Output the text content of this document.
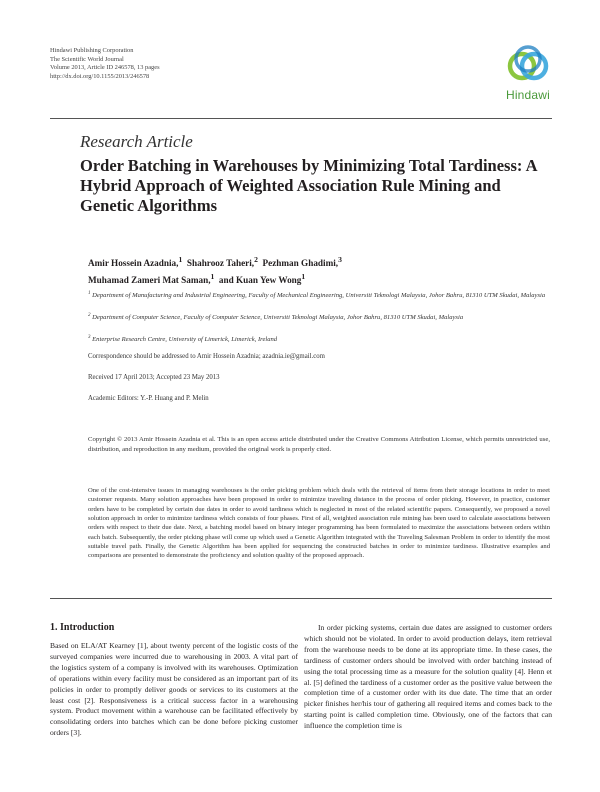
Hindawi Publishing Corporation
The Scientific World Journal
Volume 2013, Article ID 246578, 13 pages
http://dx.doi.org/10.1155/2013/246578
Hindawi
Research Article
Order Batching in Warehouses by Minimizing Total Tardiness: A Hybrid Approach of Weighted Association Rule Mining and Genetic Algorithms
Amir Hossein Azadnia,$^1$ Shahrooz Taheri,$^2$ Pezhman Ghadimi,$^3$
Muhamad Zameri Mat Saman,$^1$ and Kuan Yew Wong$^1$
$^1$ Department of Manufacturing and Industrial Engineering, Faculty of Mechanical Engineering, Universiti Teknologi Malaysia, Johor Bahru, 81310 UTM Skudai, Malaysia
$^2$ Department of Computer Science, Faculty of Computer Science, Universiti Teknologi Malaysia, Johor Bahru, 81310 UTM Skudai, Malaysia
$^3$ Enterprise Research Centre, University of Limerick, Limerick, Ireland
Correspondence should be addressed to Amir Hossein Azadnia; azadnia.ie@gmail.com
Received 17 April 2013; Accepted 23 May 2013
Academic Editors: Y.-P. Huang and P. Melin
Copyright © 2013 Amir Hossein Azadnia et al. This is an open access article distributed under the Creative Commons Attribution License, which permits unrestricted use, distribution, and reproduction in any medium, provided the original work is properly cited.
One of the cost-intensive issues in managing warehouses is the order picking problem which deals with the retrieval of items from their storage locations in order to meet customer requests. Many solution approaches have been proposed in order to minimize traveling distance in the process of order picking. However, in practice, customer orders have to be completed by certain due dates in order to avoid tardiness which is neglected in most of the related scientific papers. Consequently, we proposed a novel solution approach in order to minimize tardiness which consists of four phases. First of all, weighted association rule mining has been used to calculate associations between orders with respect to their due date. Next, a batching model based on binary integer programming has been formulated to maximize the associations between orders within each batch. Subsequently, the order picking phase will come up which used a Genetic Algorithm integrated with the Traveling Salesman Problem in order to identify the most suitable travel path. Finally, the Genetic Algorithm has been applied for sequencing the constructed batches in order to minimize tardiness. Illustrative examples and comparisons are presented to demonstrate the proficiency and solution quality of the proposed approach.
1. Introduction
Based on ELA/AT Kearney [1], about twenty percent of the logistic costs of the surveyed companies were incurred due to warehousing in 2003. A vital part of the logistics system of a company is involved with its warehouses. Optimization of operations within every facility must be considered as an important part of its policies in order to promptly deliver goods or services to its customers at the least cost [2]. Responsiveness is a critical success factor in a warehousing system. Product movement within a warehouse can be facilitated effectively by consolidating orders into batches which can be done before picking customer orders [3].
In order picking systems, certain due dates are assigned to customer orders which should not be violated. In order to avoid production delays, item retrieval from the warehouse needs to be done at its appropriate time. In these cases, the tardiness of customer orders should be involved with order batching instead of using the total processing time as a measure for the solution quality [4]. Henn et al. [5] defined the tardiness of a customer order as the positive value between the completion time of a customer order with its due date. The time that an order picker finishes her/his tour of gathering all required items and comes back to the starting point is called completion time. Obviously, one of the factors that can influence the completion time is
